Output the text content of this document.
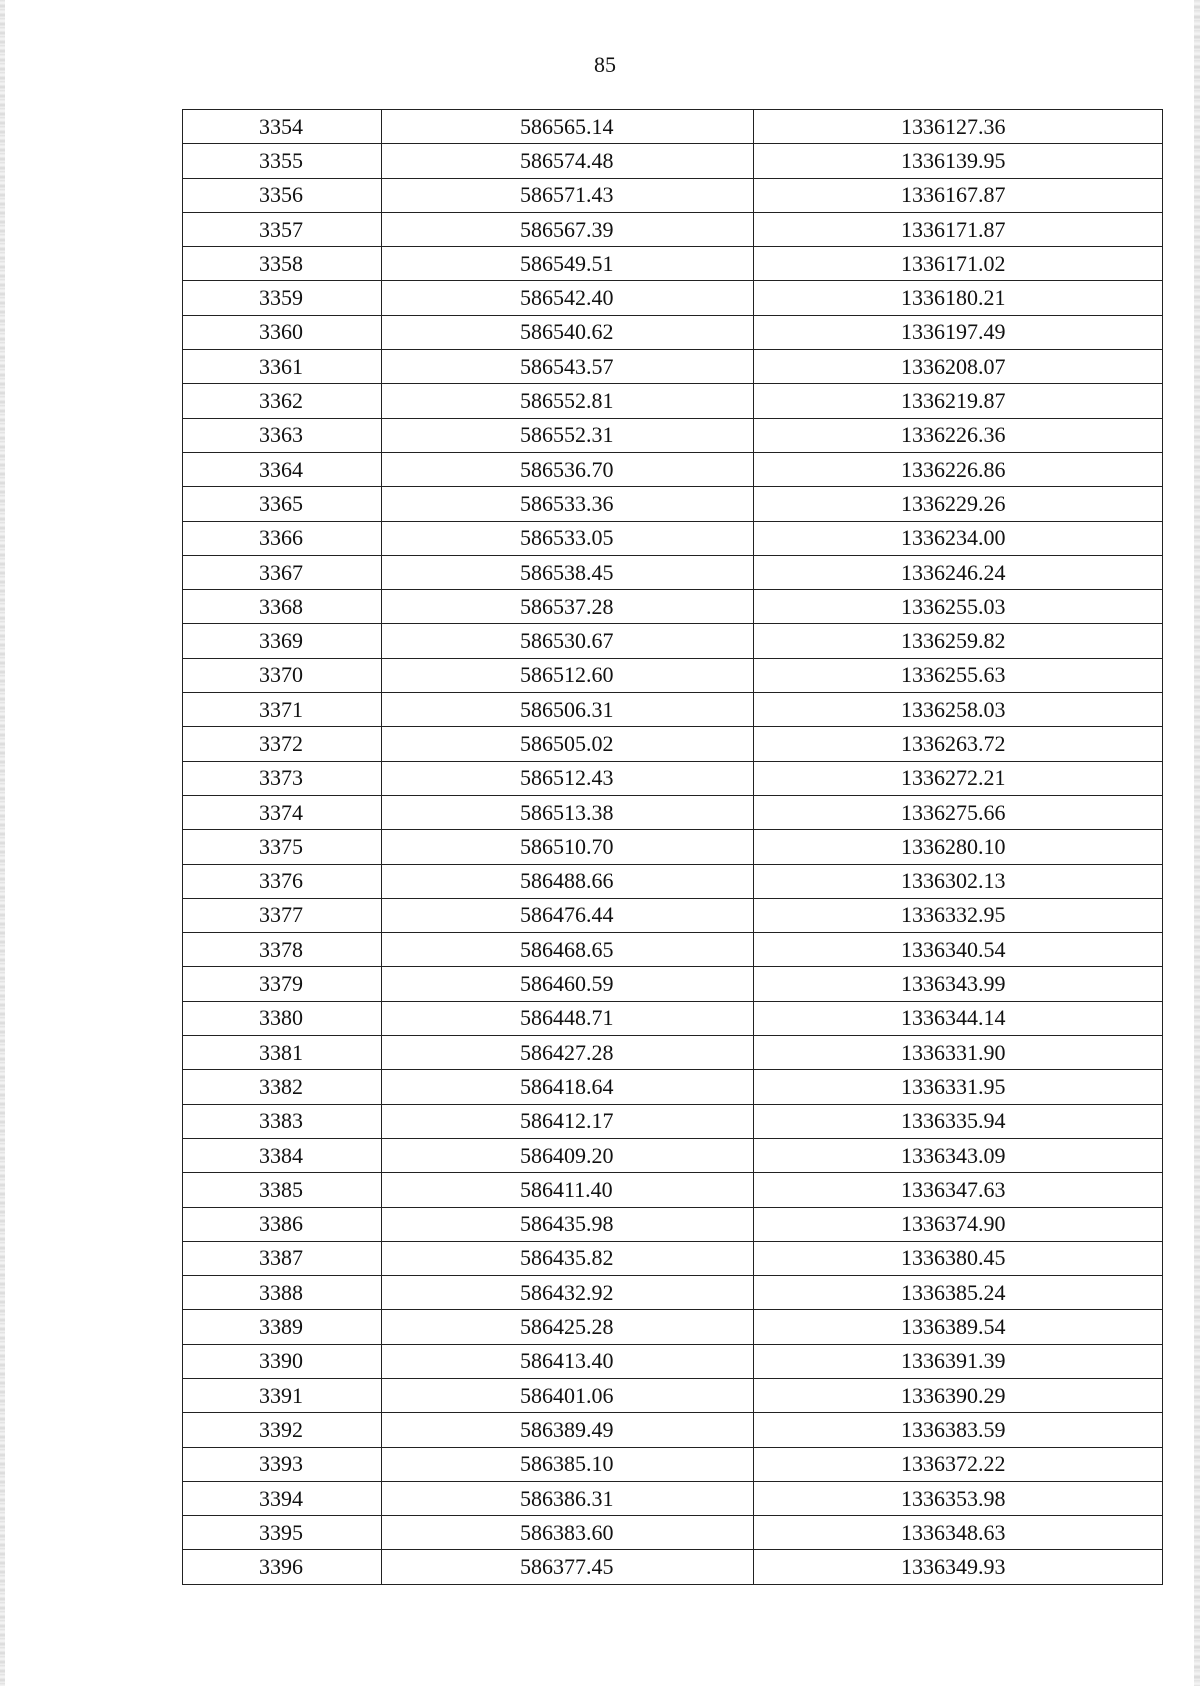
85
3354	586565.14	1336127.36
3355	586574.48	1336139.95
3356	586571.43	1336167.87
3357	586567.39	1336171.87
3358	586549.51	1336171.02
3359	586542.40	1336180.21
3360	586540.62	1336197.49
3361	586543.57	1336208.07
3362	586552.81	1336219.87
3363	586552.31	1336226.36
3364	586536.70	1336226.86
3365	586533.36	1336229.26
3366	586533.05	1336234.00
3367	586538.45	1336246.24
3368	586537.28	1336255.03
3369	586530.67	1336259.82
3370	586512.60	1336255.63
3371	586506.31	1336258.03
3372	586505.02	1336263.72
3373	586512.43	1336272.21
3374	586513.38	1336275.66
3375	586510.70	1336280.10
3376	586488.66	1336302.13
3377	586476.44	1336332.95
3378	586468.65	1336340.54
3379	586460.59	1336343.99
3380	586448.71	1336344.14
3381	586427.28	1336331.90
3382	586418.64	1336331.95
3383	586412.17	1336335.94
3384	586409.20	1336343.09
3385	586411.40	1336347.63
3386	586435.98	1336374.90
3387	586435.82	1336380.45
3388	586432.92	1336385.24
3389	586425.28	1336389.54
3390	586413.40	1336391.39
3391	586401.06	1336390.29
3392	586389.49	1336383.59
3393	586385.10	1336372.22
3394	586386.31	1336353.98
3395	586383.60	1336348.63
3396	586377.45	1336349.93
